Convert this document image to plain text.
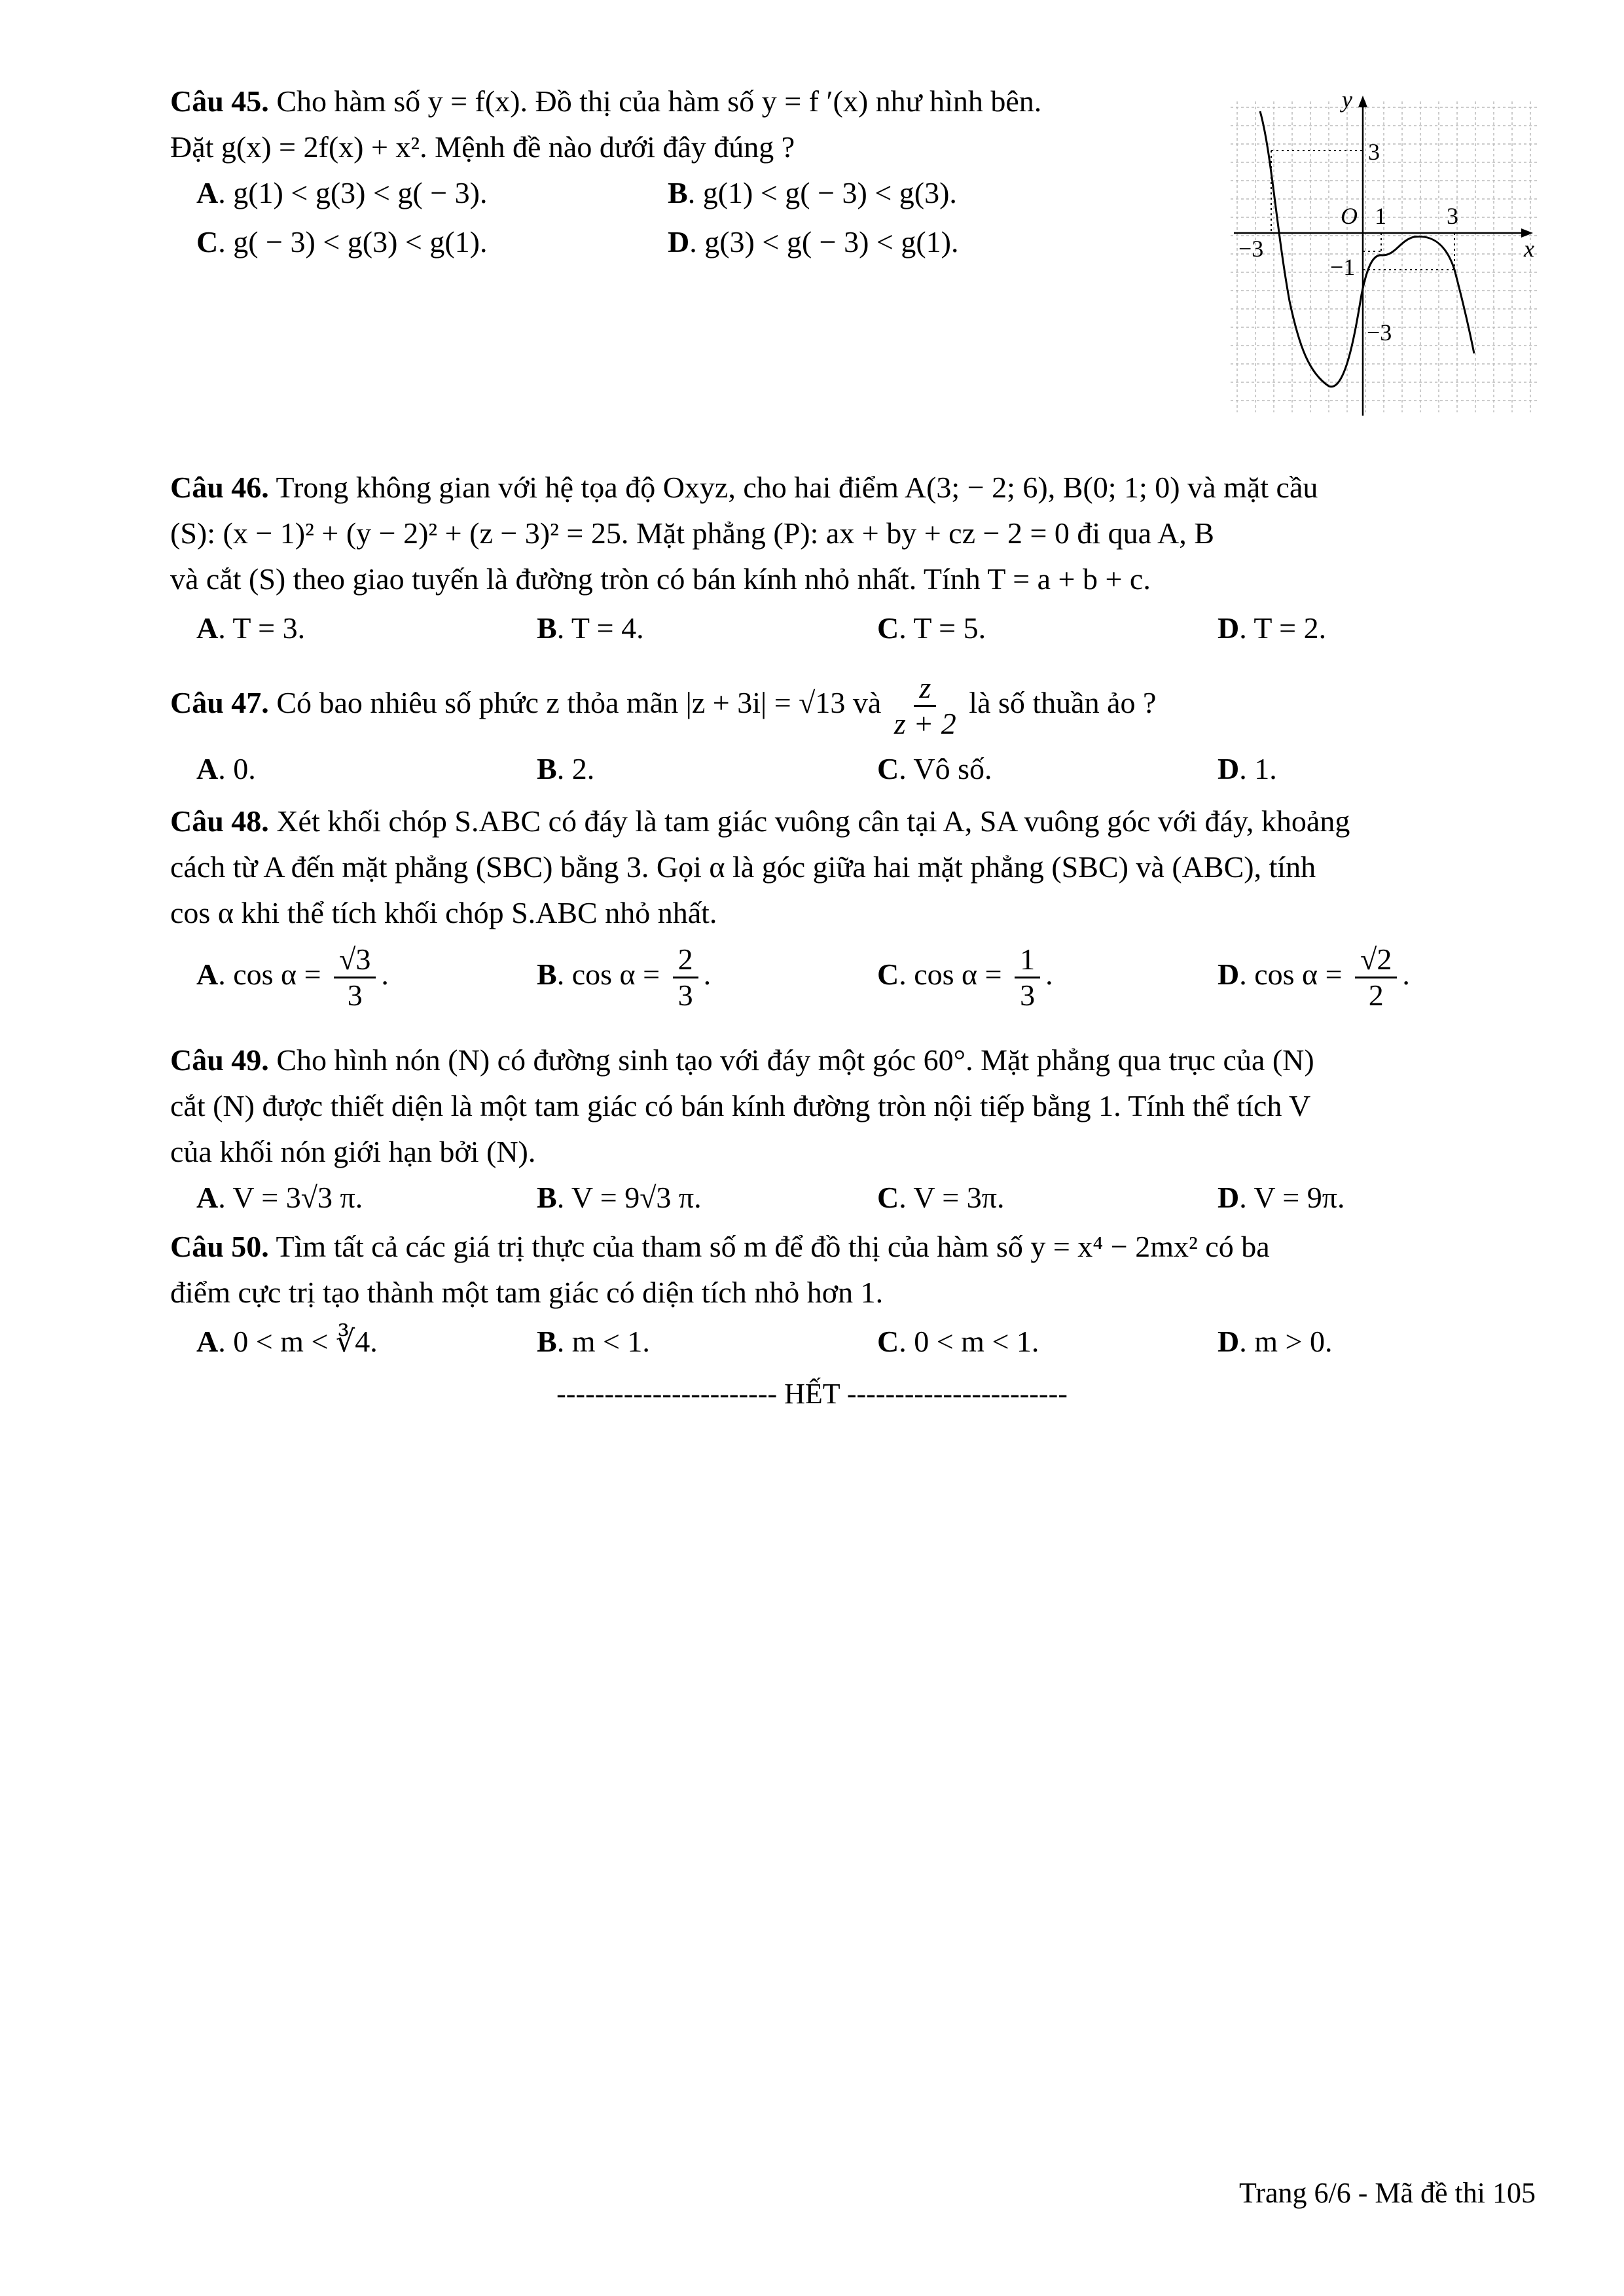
Câu 45. Cho hàm số y = f(x). Đồ thị của hàm số y = f ′(x) như hình bên.
Đặt g(x) = 2f(x) + x². Mệnh đề nào dưới đây đúng ?
A. g(1) < g(3) < g( − 3).	B. g(1) < g( − 3) < g(3).
C. g( − 3) < g(3) < g(1).	D. g(3) < g( − 3) < g(1).
y
x
O
3
1	3
−3
−1
−3
Câu 46. Trong không gian với hệ tọa độ Oxyz, cho hai điểm A(3; − 2; 6), B(0; 1; 0) và mặt cầu
(S): (x − 1)² + (y − 2)² + (z − 3)² = 25. Mặt phẳng (P): ax + by + cz − 2 = 0 đi qua A, B
và cắt (S) theo giao tuyến là đường tròn có bán kính nhỏ nhất. Tính T = a + b + c.
A. T = 3.	B. T = 4.	C. T = 5.	D. T = 2.
Câu 47. Có bao nhiêu số phức z thỏa mãn |z + 3i| = √13 và $\frac{z}{z + 2}$ là số thuần ảo ?
A. 0.	B. 2.	C. Vô số.	D. 1.
Câu 48. Xét khối chóp S.ABC có đáy là tam giác vuông cân tại A, SA vuông góc với đáy, khoảng
cách từ A đến mặt phẳng (SBC) bằng 3. Gọi α là góc giữa hai mặt phẳng (SBC) và (ABC), tính
cos α khi thể tích khối chóp S.ABC nhỏ nhất.
A. $\cos \alpha = \frac{√3}{3}$ .	B. $\cos \alpha = \frac{2}{3}$ .	C. $\cos \alpha = \frac{1}{3}$ .	D. $\cos \alpha = \frac{√2}{2}$ .
Câu 49. Cho hình nón (N) có đường sinh tạo với đáy một góc 60°. Mặt phẳng qua trục của (N)
cắt (N) được thiết diện là một tam giác có bán kính đường tròn nội tiếp bằng 1. Tính thể tích V
của khối nón giới hạn bởi (N).
A. V = 3√3 π.	B. V = 9√3 π.	C. V = 3π.	D. V = 9π.
Câu 50. Tìm tất cả các giá trị thực của tham số m để đồ thị của hàm số y = x⁴ − 2mx² có ba
điểm cực trị tạo thành một tam giác có diện tích nhỏ hơn 1.
A. 0 < m < ∛4.	B. m < 1.	C. 0 < m < 1.	D. m > 0.
----------------------- HẾT -----------------------
Trang 6/6 - Mã đề thi 105
